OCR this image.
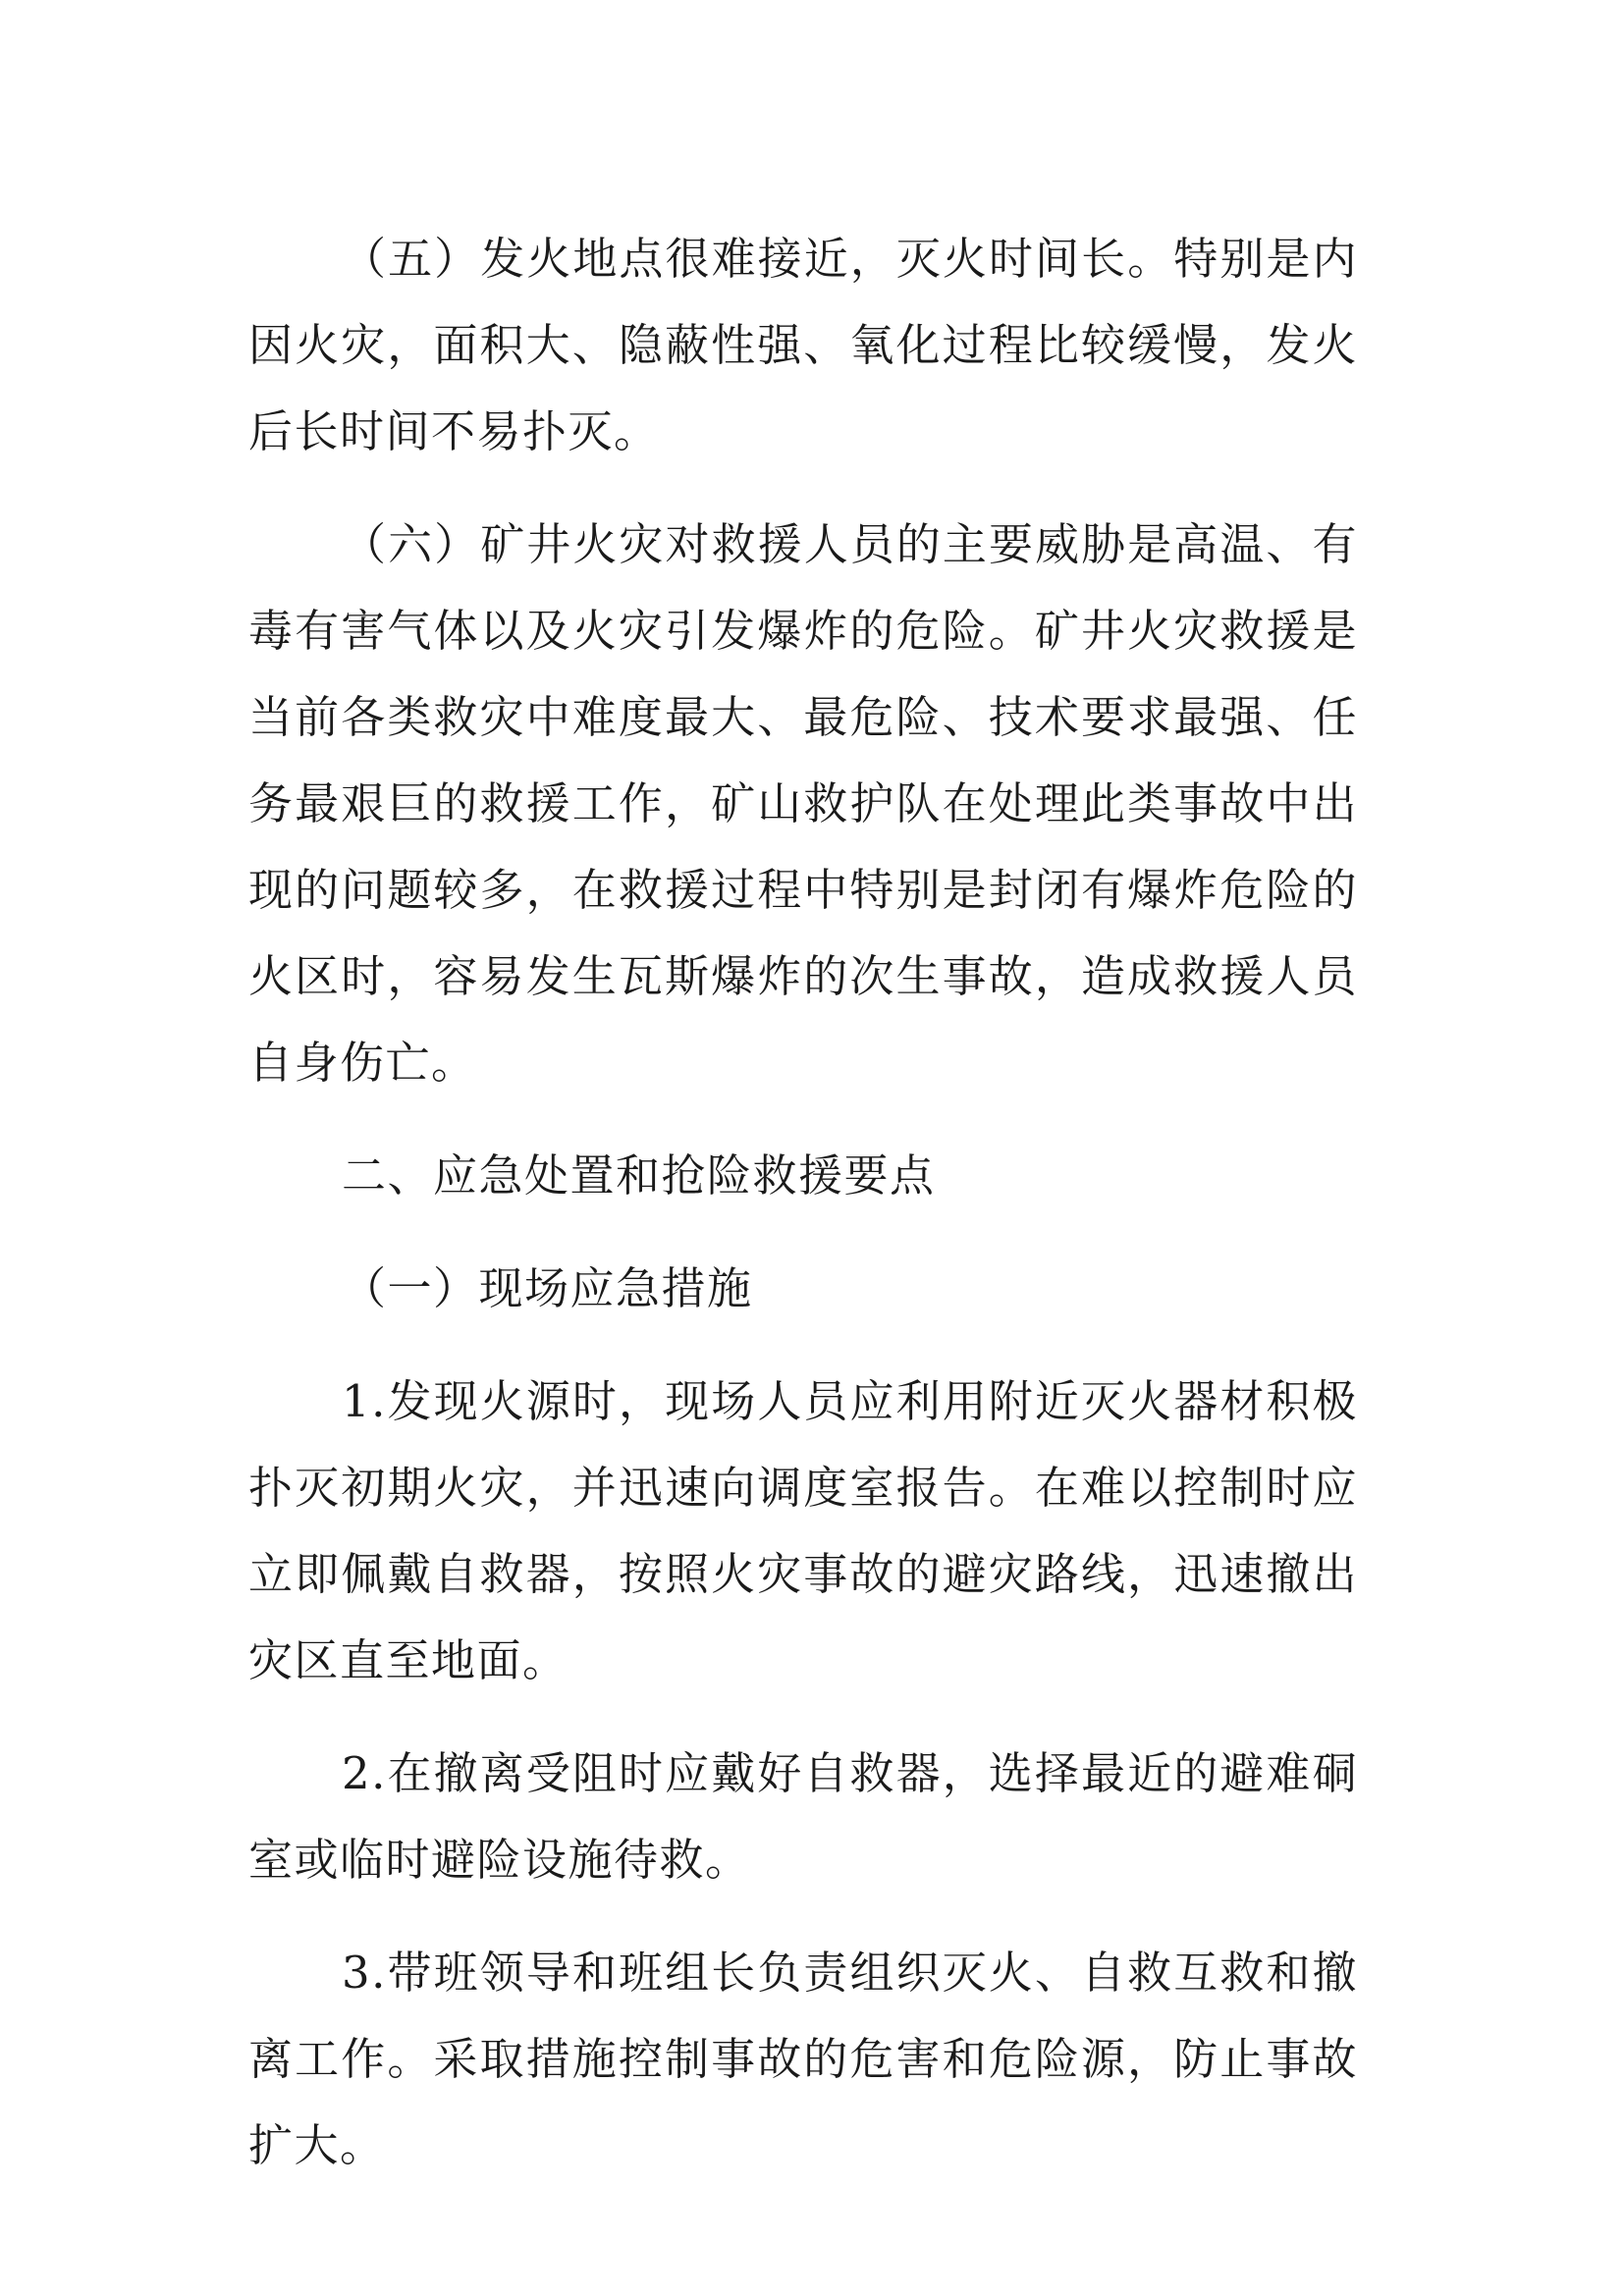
（五）发火地点很难接近，灭火时间长。特别是内因火灾，面积大、隐蔽性强、氧化过程比较缓慢，发火后长时间不易扑灭。

（六）矿井火灾对救援人员的主要威胁是高温、有毒有害气体以及火灾引发爆炸的危险。矿井火灾救援是当前各类救灾中难度最大、最危险、技术要求最强、任务最艰巨的救援工作，矿山救护队在处理此类事故中出现的问题较多，在救援过程中特别是封闭有爆炸危险的火区时，容易发生瓦斯爆炸的次生事故，造成救援人员自身伤亡。

二、应急处置和抢险救援要点

（一）现场应急措施

1.发现火源时，现场人员应利用附近灭火器材积极扑灭初期火灾，并迅速向调度室报告。在难以控制时应立即佩戴自救器，按照火灾事故的避灾路线，迅速撤出灾区直至地面。

2.在撤离受阻时应戴好自救器，选择最近的避难硐室或临时避险设施待救。

3.带班领导和班组长负责组织灭火、自救互救和撤离工作。采取措施控制事故的危害和危险源，防止事故扩大。
